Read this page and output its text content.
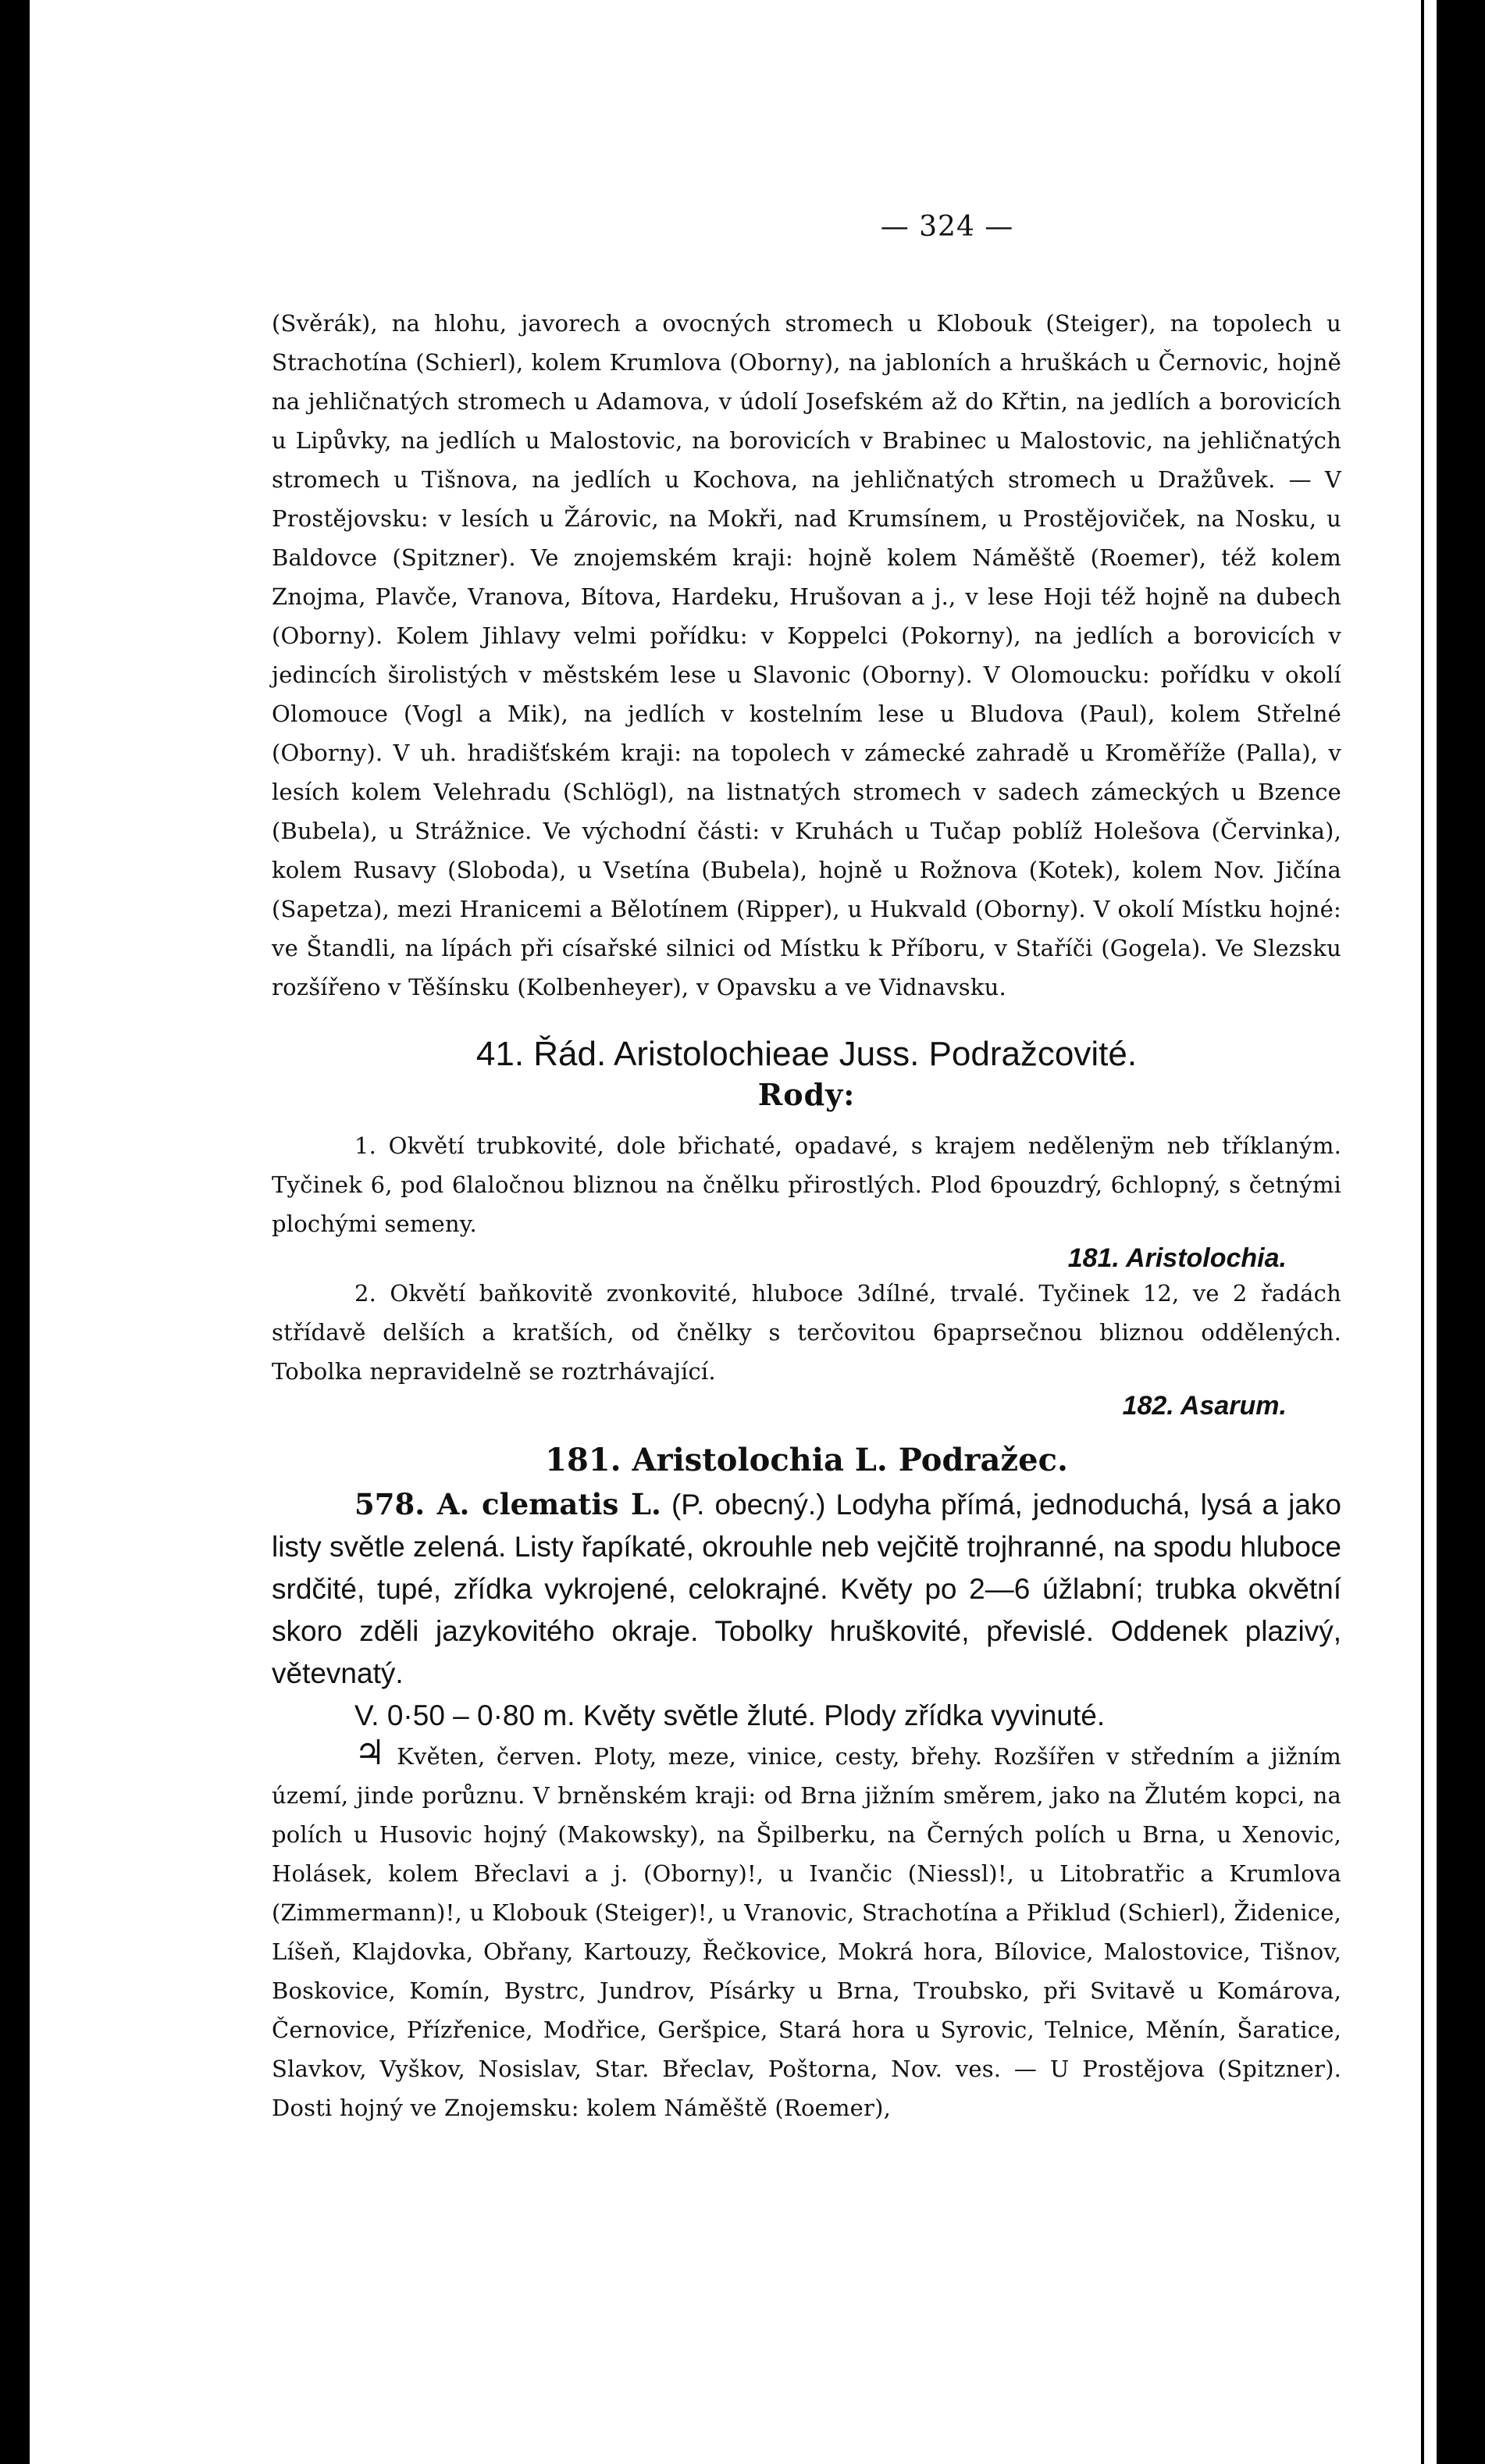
— 324 —

(Svěrák), na hlohu, javorech a ovocných stromech u Klobouk (Steiger), na topolech u Strachotína (Schierl), kolem Krumlova (Oborny), na jabloních a hruškách u Černovic, hojně na jehličnatých stromech u Adamova, v údolí Josefském až do Křtin, na jedlích a borovicích u Lipůvky, na jedlích u Malostovic, na borovicích v Brabinec u Malostovic, na jehličnatých stromech u Tišnova, na jedlích u Kochova, na jehličnatých stromech u Dražůvek. — V Prostějovsku: v lesích u Žárovic, na Mokři, nad Krumsínem, u Prostějoviček, na Nosku, u Baldovce (Spitzner). Ve znojemském kraji: hojně kolem Náměště (Roemer), též kolem Znojma, Plavče, Vranova, Bítova, Hardeku, Hrušovan a j., v lese Hoji též hojně na dubech (Oborny). Kolem Jihlavy velmi pořídku: v Koppelci (Pokorny), na jedlích a borovicích v jedincích širolistých v městském lese u Slavonic (Oborny). V Olomoucku: pořídku v okolí Olomouce (Vogl a Mik), na jedlích v kostelním lese u Bludova (Paul), kolem Střelné (Oborny). V uh. hradišťském kraji: na topolech v zámecké zahradě u Kroměříže (Palla), v lesích kolem Velehradu (Schlögl), na listnatých stromech v sadech zámeckých u Bzence (Bubela), u Strážnice. Ve východní části: v Kruhách u Tučap poblíž Holešova (Červinka), kolem Rusavy (Sloboda), u Vsetína (Bubela), hojně u Rožnova (Kotek), kolem Nov. Jičína (Sapetza), mezi Hranicemi a Bělotínem (Ripper), u Hukvald (Oborny). V okolí Místku hojné: ve Štandli, na lípách při císařské silnici od Místku k Příboru, v Staříči (Gogela). Ve Slezsku rozšířeno v Těšínsku (Kolbenheyer), v Opavsku a ve Vidnavsku.

41. Řád. Aristolochieae Juss. Podražcovité.
Rody:

1. Okvětí trubkovité, dole břichaté, opadavé, s krajem nedělenÿm neb tříklaným. Tyčinek 6, pod 6laločnou bliznou na čnělku přirostlých. Plod 6pouzdrý, 6chlopný, s četnými plochými semeny.

181. Aristolochia.

2. Okvětí baňkovitě zvonkovité, hluboce 3dílné, trvalé. Tyčinek 12, ve 2 řadách střídavě delších a kratších, od čnělky s terčovitou 6paprsečnou bliznou oddělených. Tobolka nepravidelně se roztrhávající.

182. Asarum.
181. Aristolochia L. Podražec.

578. A. clematis L. (P. obecný.) Lodyha přímá, jednoduchá, lysá a jako listy světle zelená. Listy řapíkaté, okrouhle neb vejčitě trojhranné, na spodu hluboce srdčité, tupé, zřídka vykrojené, celokrajné. Květy po 2—6 úžlabní; trubka okvětní skoro zděli jazykovitého okraje. Tobolky hruškovité, převislé. Oddenek plazivý, větevnatý.

V. 0·50 – 0·80 m. Květy světle žluté. Plody zřídka vyvinuté.

♃ Květen, červen. Ploty, meze, vinice, cesty, břehy. Rozšířen v středním a jižním území, jinde porůznu. V brněnském kraji: od Brna jižním směrem, jako na Žlutém kopci, na polích u Husovic hojný (Makowsky), na Špilberku, na Černých polích u Brna, u Xenovic, Holásek, kolem Břeclavi a j. (Oborny)!, u Ivančic (Niessl)!, u Litobratřic a Krumlova (Zimmermann)!, u Klobouk (Steiger)!, u Vranovic, Strachotína a Přiklud (Schierl), Židenice, Líšeň, Klajdovka, Obřany, Kartouzy, Řečkovice, Mokrá hora, Bílovice, Malostovice, Tišnov, Boskovice, Komín, Bystrc, Jundrov, Písárky u Brna, Troubsko, při Svitavě u Komárova, Černovice, Přízřenice, Modřice, Geršpice, Stará hora u Syrovic, Telnice, Měnín, Šaratice, Slavkov, Vyškov, Nosislav, Star. Břeclav, Poštorna, Nov. ves. — U Prostějova (Spitzner). Dosti hojný ve Znojemsku: kolem Náměště (Roemer),
